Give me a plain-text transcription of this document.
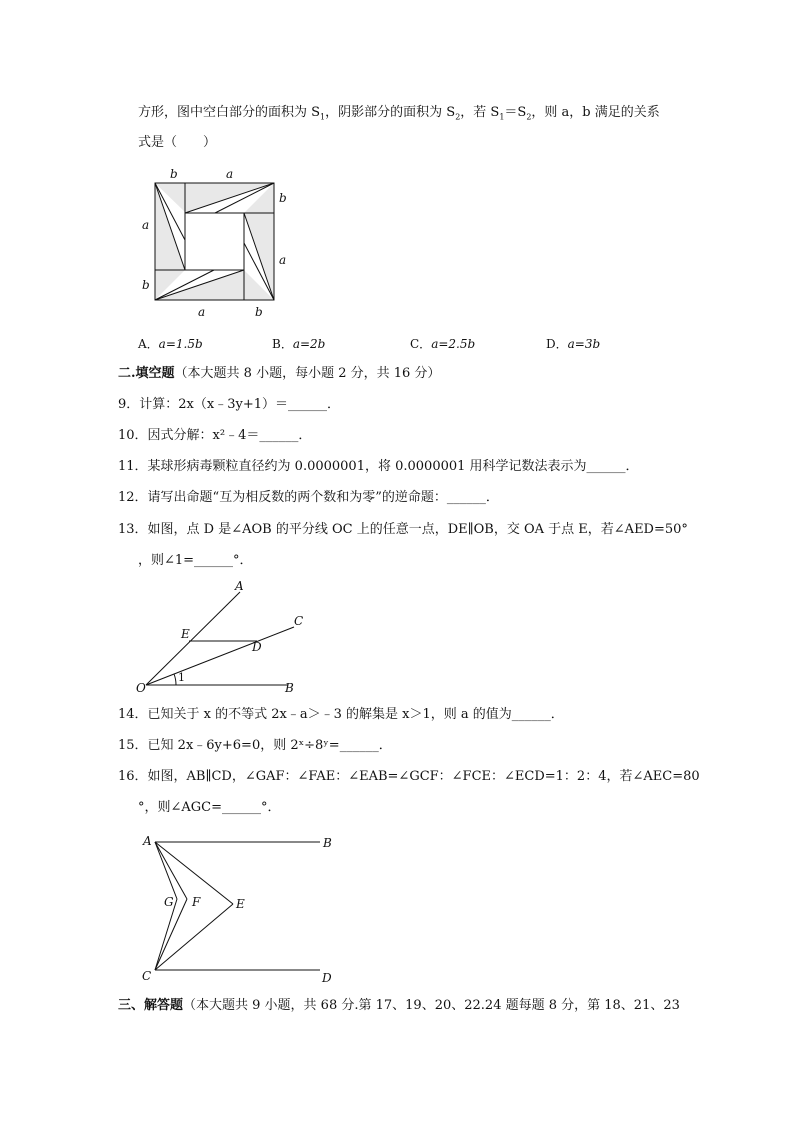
方形，图中空白部分的面积为 $S_1$，阴影部分的面积为 $S_2$，若 $S_1=S_2$，则 a，b 满足的关系
式是（　　）
b	a
b
a
a
b
a	b
A．a=1.5b	B．a=2b	C．a=2.5b	D．a=3b
二.填空题（本大题共 8 小题，每小题 2 分，共 16 分）
9．计算：2x（x﹣3y+1）＝______．
10．因式分解：x²﹣4＝______．
11．某球形病毒颗粒直径约为 0.0000001，将 0.0000001 用科学记数法表示为______．
12．请写出命题“互为相反数的两个数和为零”的逆命题：______．
13．如图，点 D 是∠AOB 的平分线 OC 上的任意一点，DE∥OB，交 OA 于点 E，若∠AED=50°
，则∠1=______°．
A
C
E
D
O	B
1
14．已知关于 x 的不等式 2x﹣a＞﹣3 的解集是 x＞1，则 a 的值为______．
15．已知 2x﹣6y+6=0，则 2ˣ÷8ʸ=______．
16．如图，AB∥CD，∠GAF：∠FAE：∠EAB=∠GCF：∠FCE：∠ECD=1：2：4，若∠AEC=80
°，则∠AGC=______°．
A	B
G F	E
C	D
三、解答题（本大题共 9 小题，共 68 分.第 17、19、20、22.24 题每题 8 分，第 18、21、23
